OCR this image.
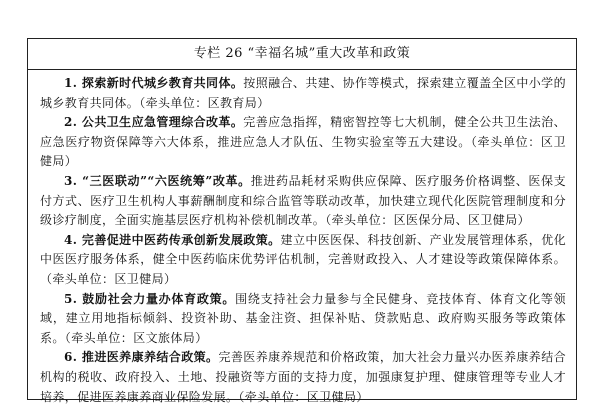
专栏 26 “幸福名城”重大改革和政策

1. 探索新时代城乡教育共同体。按照融合、共建、协作等模式，探索建立覆盖全区中小学的城乡教育共同体。（牵头单位：区教育局）

2. 公共卫生应急管理综合改革。完善应急指挥，精密智控等七大机制，健全公共卫生法治、应急医疗物资保障等六大体系，推进应急人才队伍、生物实验室等五大建设。（牵头单位：区卫健局）

3. “三医联动”“六医统筹”改革。推进药品耗材采购供应保障、医疗服务价格调整、医保支付方式、医疗卫生机构人事薪酬制度和综合监管等联动改革，加快建立现代化医院管理制度和分级诊疗制度，全面实施基层医疗机构补偿机制改革。（牵头单位：区医保分局、区卫健局）

4. 完善促进中医药传承创新发展政策。建立中医医保、科技创新、产业发展管理体系，优化中医医疗服务体系，健全中医药临床优势评估机制，完善财政投入、人才建设等政策保障体系。（牵头单位：区卫健局）

5. 鼓励社会力量办体育政策。围绕支持社会力量参与全民健身、竞技体育、体育文化等领域，建立用地指标倾斜、投资补助、基金注资、担保补贴、贷款贴息、政府购买服务等政策体系。（牵头单位：区文旅体局）

6. 推进医养康养结合政策。完善医养康养规范和价格政策，加大社会力量兴办医养康养结合机构的税收、政府投入、土地、投融资等方面的支持力度，加强康复护理、健康管理等专业人才培养，促进医养康养商业保险发展。（牵头单位：区卫健局）
